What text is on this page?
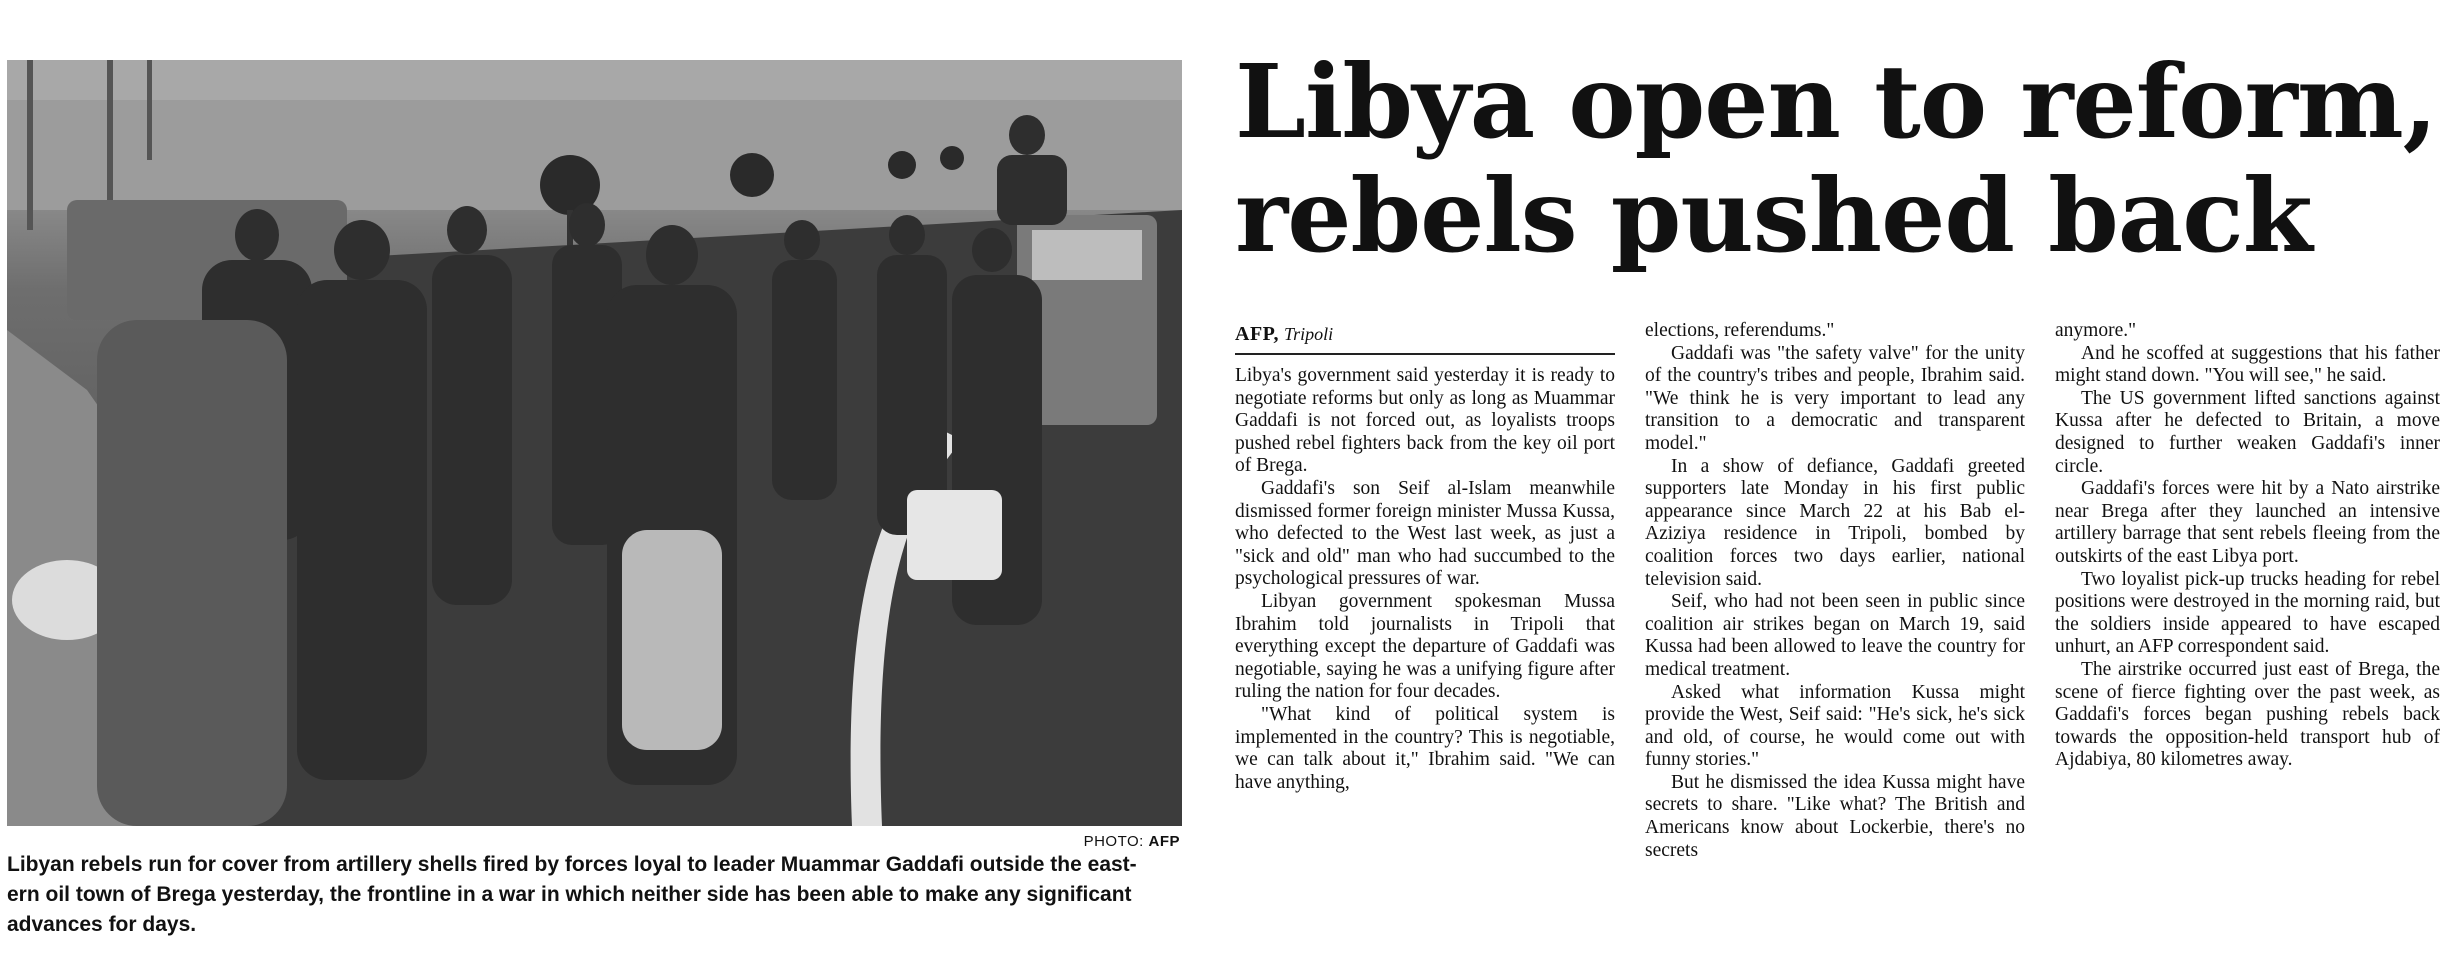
PHOTO: AFP
Libyan rebels run for cover from artillery shells fired by forces loyal to leader Muammar Gaddafi outside the east-
ern oil town of Brega yesterday, the frontline in a war in which neither side has been able to make any significant
advances for days.
Libya open to reform,
rebels pushed back
AFP, Tripoli

Libya's government said yesterday it is ready to negotiate reforms but only as long as Muammar Gaddafi is not forced out, as loyalists troops pushed rebel fighters back from the key oil port of Brega.

Gaddafi's son Seif al-Islam meanwhile dismissed former foreign minister Mussa Kussa, who defected to the West last week, as just a "sick and old" man who had succumbed to the psychological pressures of war.

Libyan government spokesman Mussa Ibrahim told journalists in Tripoli that everything except the departure of Gaddafi was negotiable, saying he was a unifying figure after ruling the nation for four decades.

"What kind of political system is implemented in the country? This is negotiable, we can talk about it," Ibrahim said. "We can have anything,

elections, referendums."

Gaddafi was "the safety valve" for the unity of the country's tribes and people, Ibrahim said. "We think he is very important to lead any transition to a democratic and transparent model."

In a show of defiance, Gaddafi greeted supporters late Monday in his first public appearance since March 22 at his Bab el-Aziziya residence in Tripoli, bombed by coalition forces two days earlier, national television said.

Seif, who had not been seen in public since coalition air strikes began on March 19, said Kussa had been allowed to leave the country for medical treatment.

Asked what information Kussa might provide the West, Seif said: "He's sick, he's sick and old, of course, he would come out with funny stories."

But he dismissed the idea Kussa might have secrets to share. "Like what? The British and Americans know about Lockerbie, there's no secrets

anymore."

And he scoffed at suggestions that his father might stand down. "You will see," he said.

The US government lifted sanctions against Kussa after he defected to Britain, a move designed to further weaken Gaddafi's inner circle.

Gaddafi's forces were hit by a Nato airstrike near Brega after they launched an intensive artillery barrage that sent rebels fleeing from the outskirts of the east Libya port.

Two loyalist pick-up trucks heading for rebel positions were destroyed in the morning raid, but the soldiers inside appeared to have escaped unhurt, an AFP correspondent said.

The airstrike occurred just east of Brega, the scene of fierce fighting over the past week, as Gaddafi's forces began pushing rebels back towards the opposition-held transport hub of Ajdabiya, 80 kilometres away.
